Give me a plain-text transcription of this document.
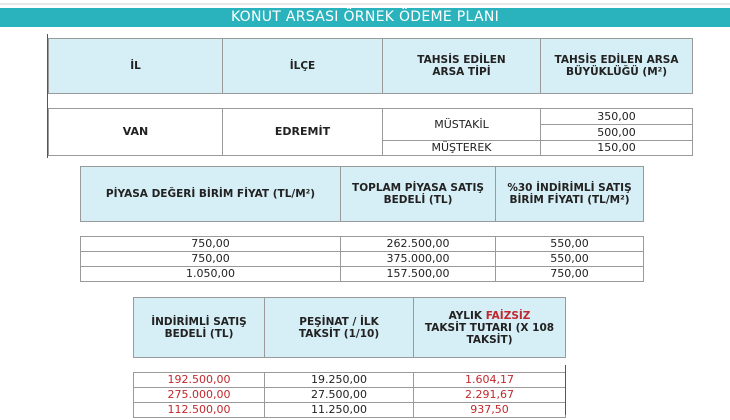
KONUT ARSASI ÖRNEK ÖDEME PLANI
İL	İLÇE	TAHSİS EDİLEN ARSA TİPİ	TAHSİS EDİLEN ARSA BÜYÜKLÜĞÜ (M²)

VAN	EDREMİT	MÜSTAKİL	350,00
			500,00
		MÜŞTEREK	150,00
PİYASA DEĞERİ BİRİM FİYAT (TL/M²)	TOPLAM PİYASA SATIŞ BEDELİ (TL)	%30 İNDİRİMLİ SATIŞ BİRİM FİYATI (TL/M²)

750,00	262.500,00	550,00
750,00	375.000,00	550,00
1.050,00	157.500,00	750,00
İNDİRİMLİ SATIŞ BEDELİ (TL)	PEŞİNAT / İLK TAKSİT (1/10)	AYLIK FAİZSİZ
TAKSİT TUTARI (X 108 TAKSİT)

192.500,00	19.250,00	1.604,17
275.000,00	27.500,00	2.291,67
112.500,00	11.250,00	937,50
